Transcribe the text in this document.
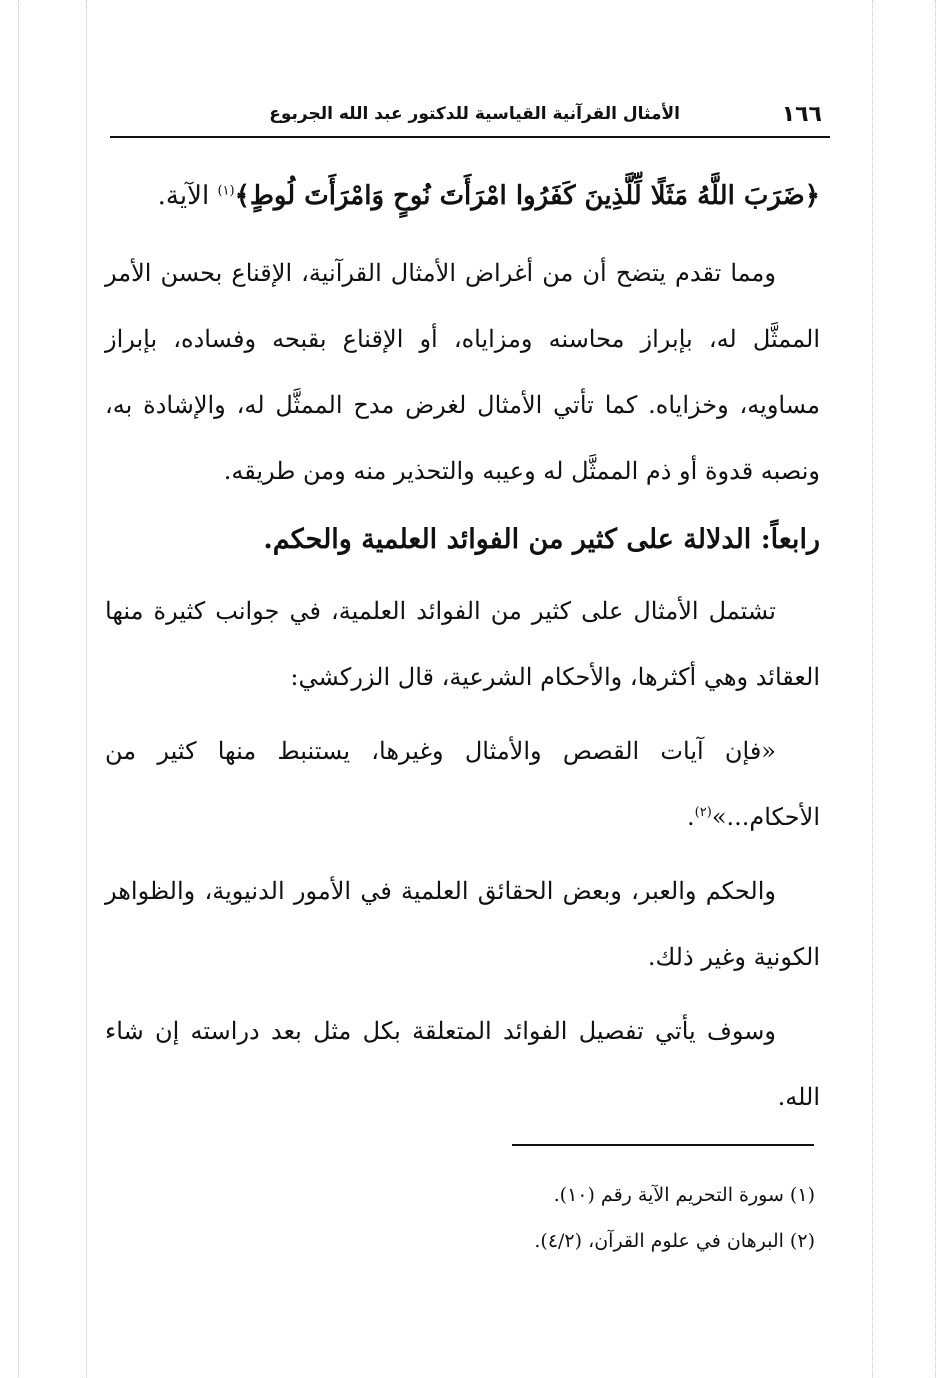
١٦٦
الأمثال القرآنية القياسية للدكتور عبد الله الجربوع

﴿ضَرَبَ اللَّهُ مَثَلًا لِّلَّذِينَ كَفَرُوا امْرَأَتَ نُوحٍ وَامْرَأَتَ لُوطٍ﴾$^{(١)}$ الآية.

ومما تقدم يتضح أن من أغراض الأمثال القرآنية، الإقناع بحسن الأمر الممثَّل له، بإبراز محاسنه ومزاياه، أو الإقناع بقبحه وفساده، بإبراز مساويه، وخزاياه. كما تأتي الأمثال لغرض مدح الممثَّل له، والإشادة به، ونصبه قدوة أو ذم الممثَّل له وعيبه والتحذير منه ومن طريقه.

رابعاً: الدلالة على كثير من الفوائد العلمية والحكم.

تشتمل الأمثال على كثير من الفوائد العلمية، في جوانب كثيرة منها العقائد وهي أكثرها، والأحكام الشرعية، قال الزركشي:

«فإن آيات القصص والأمثال وغيرها، يستنبط منها كثير من الأحكام...»$^{(٢)}$.

والحكم والعبر، وبعض الحقائق العلمية في الأمور الدنيوية، والظواهر الكونية وغير ذلك.

وسوف يأتي تفصيل الفوائد المتعلقة بكل مثل بعد دراسته إن شاء الله.

(١) سورة التحريم الآية رقم (١٠).

(٢) البرهان في علوم القرآن، (٤/٢).
